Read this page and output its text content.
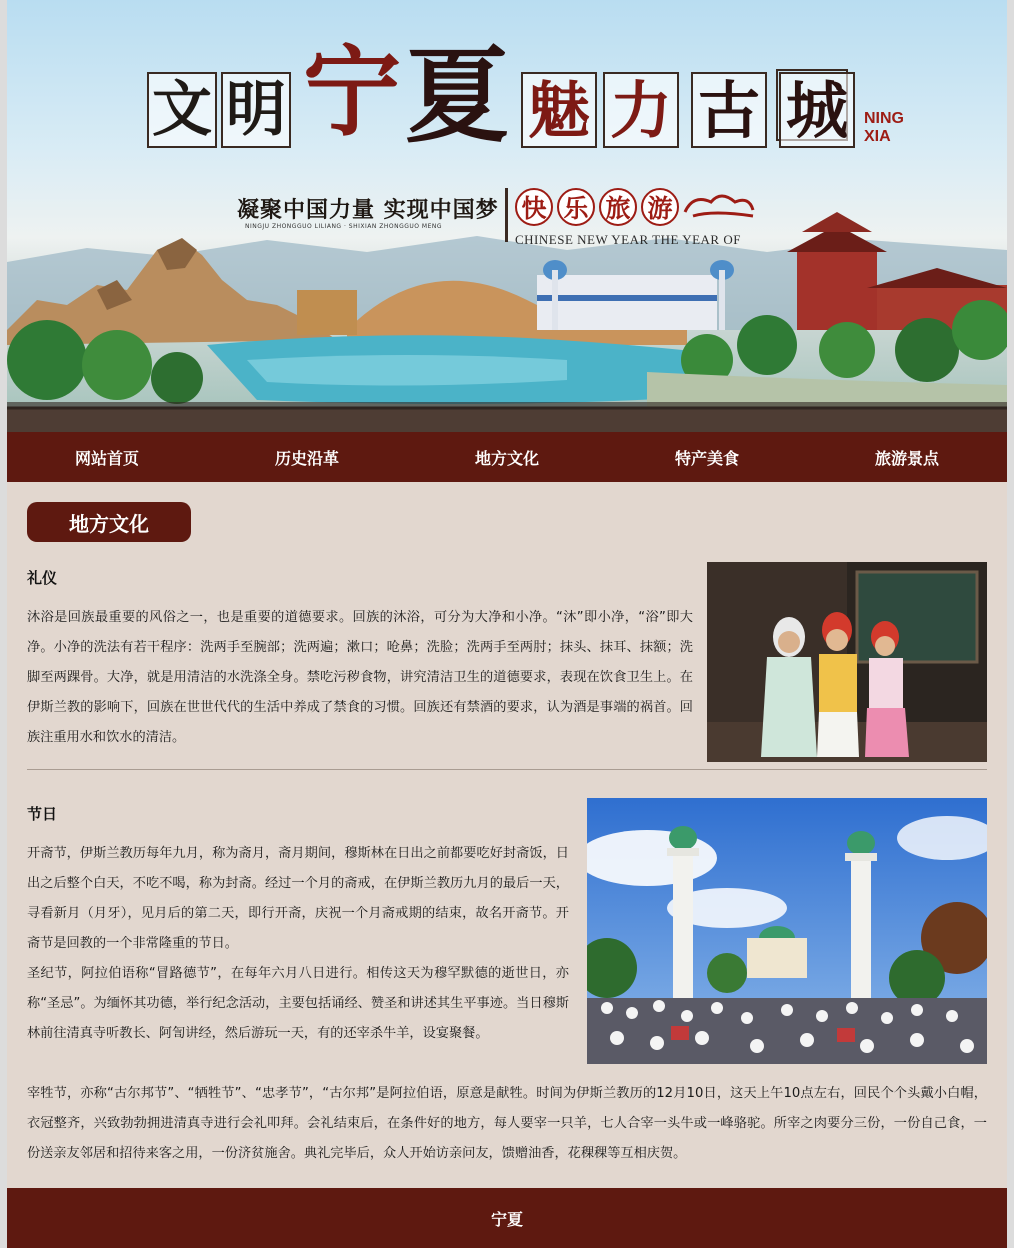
文 明 宁 夏 魅 力 古 城	NING XIA
凝聚中国力量 实现中国梦
NINGJU ZHONGGUO LILIANG · SHIXIAN ZHONGGUO MENG
快 乐 旅 游
CHINESE NEW YEAR THE YEAR OF
网站首页	历史沿革	地方文化	特产美食	旅游景点
地方文化
礼仪
沐浴是回族最重要的风俗之一，也是重要的道德要求。回族的沐浴，可分为大净和小净。“沐”即小净，“浴”即大净。小净的洗法有若干程序：洗两手至腕部；洗两遍；漱口；呛鼻；洗脸；洗两手至两肘；抹头、抹耳、抹额；洗脚至两踝骨。大净，就是用清洁的水洗涤全身。禁吃污秽食物，讲究清洁卫生的道德要求，表现在饮食卫生上。在伊斯兰教的影响下，回族在世世代代的生活中养成了禁食的习惯。回族还有禁酒的要求，认为酒是事端的祸首。回族注重用水和饮水的清洁。
节日
开斋节，伊斯兰教历每年九月，称为斋月，斋月期间，穆斯林在日出之前都要吃好封斋饭，日出之后整个白天，不吃不喝，称为封斋。经过一个月的斋戒，在伊斯兰教历九月的最后一天，寻看新月（月牙），见月后的第二天，即行开斋，庆祝一个月斋戒期的结束，故名开斋节。开斋节是回教的一个非常隆重的节日。
圣纪节，阿拉伯语称“冒路德节”，在每年六月八日进行。相传这天为穆罕默德的逝世日，亦称“圣忌”。为缅怀其功德，举行纪念活动，主要包括诵经、赞圣和讲述其生平事迹。当日穆斯林前往清真寺听教长、阿訇讲经，然后游玩一天，有的还宰杀牛羊，设宴聚餐。
宰牲节，亦称“古尔邦节”、“牺牲节”、“忠孝节”，“古尔邦”是阿拉伯语，原意是献牲。时间为伊斯兰教历的12月10日，这天上午10点左右，回民个个头戴小白帽，衣冠整齐，兴致勃勃拥进清真寺进行会礼叩拜。会礼结束后，在条件好的地方，每人要宰一只羊，七人合宰一头牛或一峰骆驼。所宰之肉要分三份，一份自己食，一份送亲友邻居和招待来客之用，一份济贫施舍。典礼完毕后，众人开始访亲问友，馈赠油香，花稞稞等互相庆贺。
宁夏
